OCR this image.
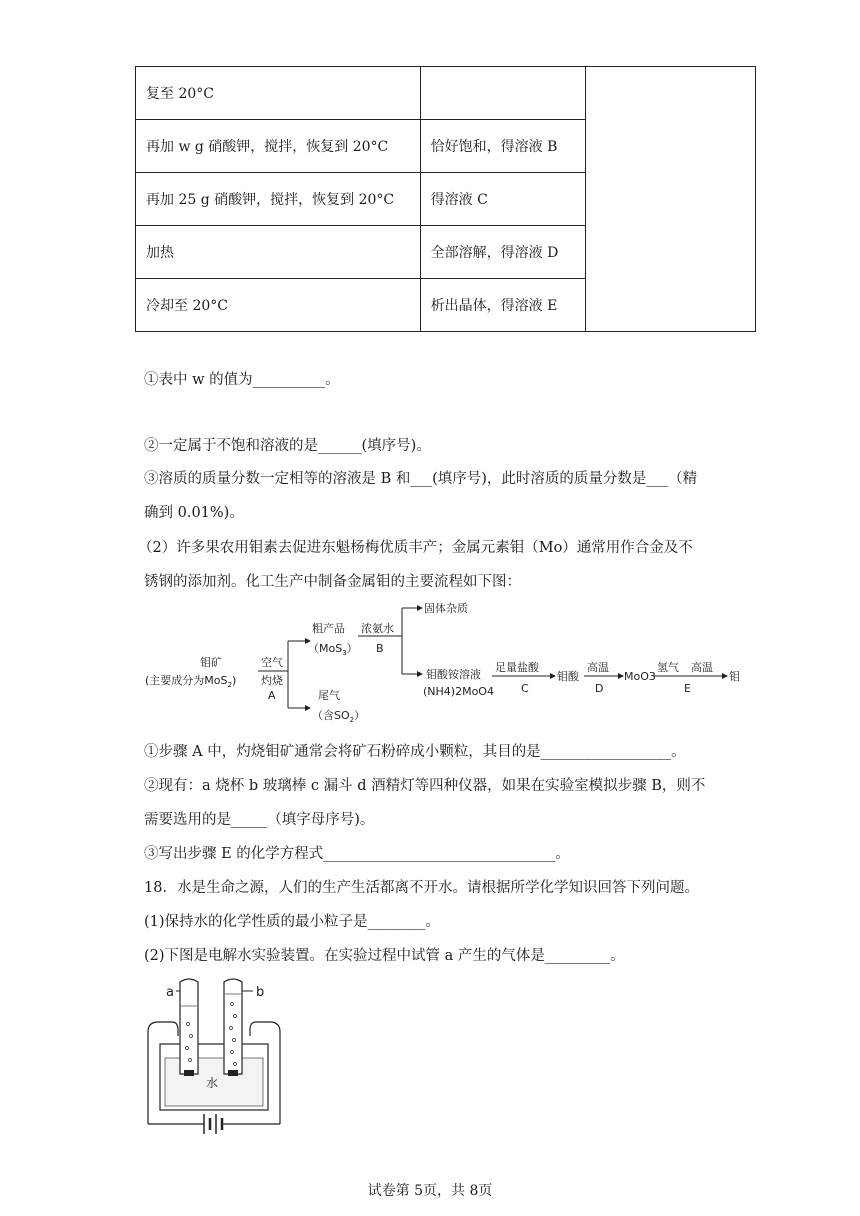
复至 20°C		
再加 w g 硝酸钾，搅拌，恢复到 20°C	恰好饱和，得溶液 B	
再加 25 g 硝酸钾，搅拌，恢复到 20°C	得溶液 C	
加热	全部溶解，得溶液 D	
冷却至 20°C	析出晶体，得溶液 E	
①表中 w 的值为__________。
②一定属于不饱和溶液的是______(填序号)。
③溶质的质量分数一定相等的溶液是 B 和___(填序号)，此时溶质的质量分数是___（精
确到 0.01%)。
（2）许多果农用钼素去促进东魁杨梅优质丰产；金属元素钼（Mo）通常用作合金及不
锈钢的添加剂。化工生产中制备金属钼的主要流程如下图：
钼矿
(主要成分为MoS$_2$)
空气
灼烧
A
粗产品
（MoS$_3$）
尾气
（含$SO_2$）
浓氨水
B
固体杂质
钼酸铵溶液
(NH4)2MoO4
足量盐酸
C
钼酸
高温
D
MoO3
氢气 高温
E
钼
①步骤 A 中，灼烧钼矿通常会将矿石粉碎成小颗粒，其目的是__________________。
②现有：a 烧杯 b 玻璃棒 c 漏斗 d 酒精灯等四种仪器，如果在实验室模拟步骤 B，则不
需要选用的是_____（填字母序号)。
③写出步骤 E 的化学方程式________________________________。
18．水是生命之源，人们的生产生活都离不开水。请根据所学化学知识回答下列问题。
(1)保持水的化学性质的最小粒子是________。
(2)下图是电解水实验装置。在实验过程中试管 a 产生的气体是_________。
a	b
水
试卷第 5页，共 8页
